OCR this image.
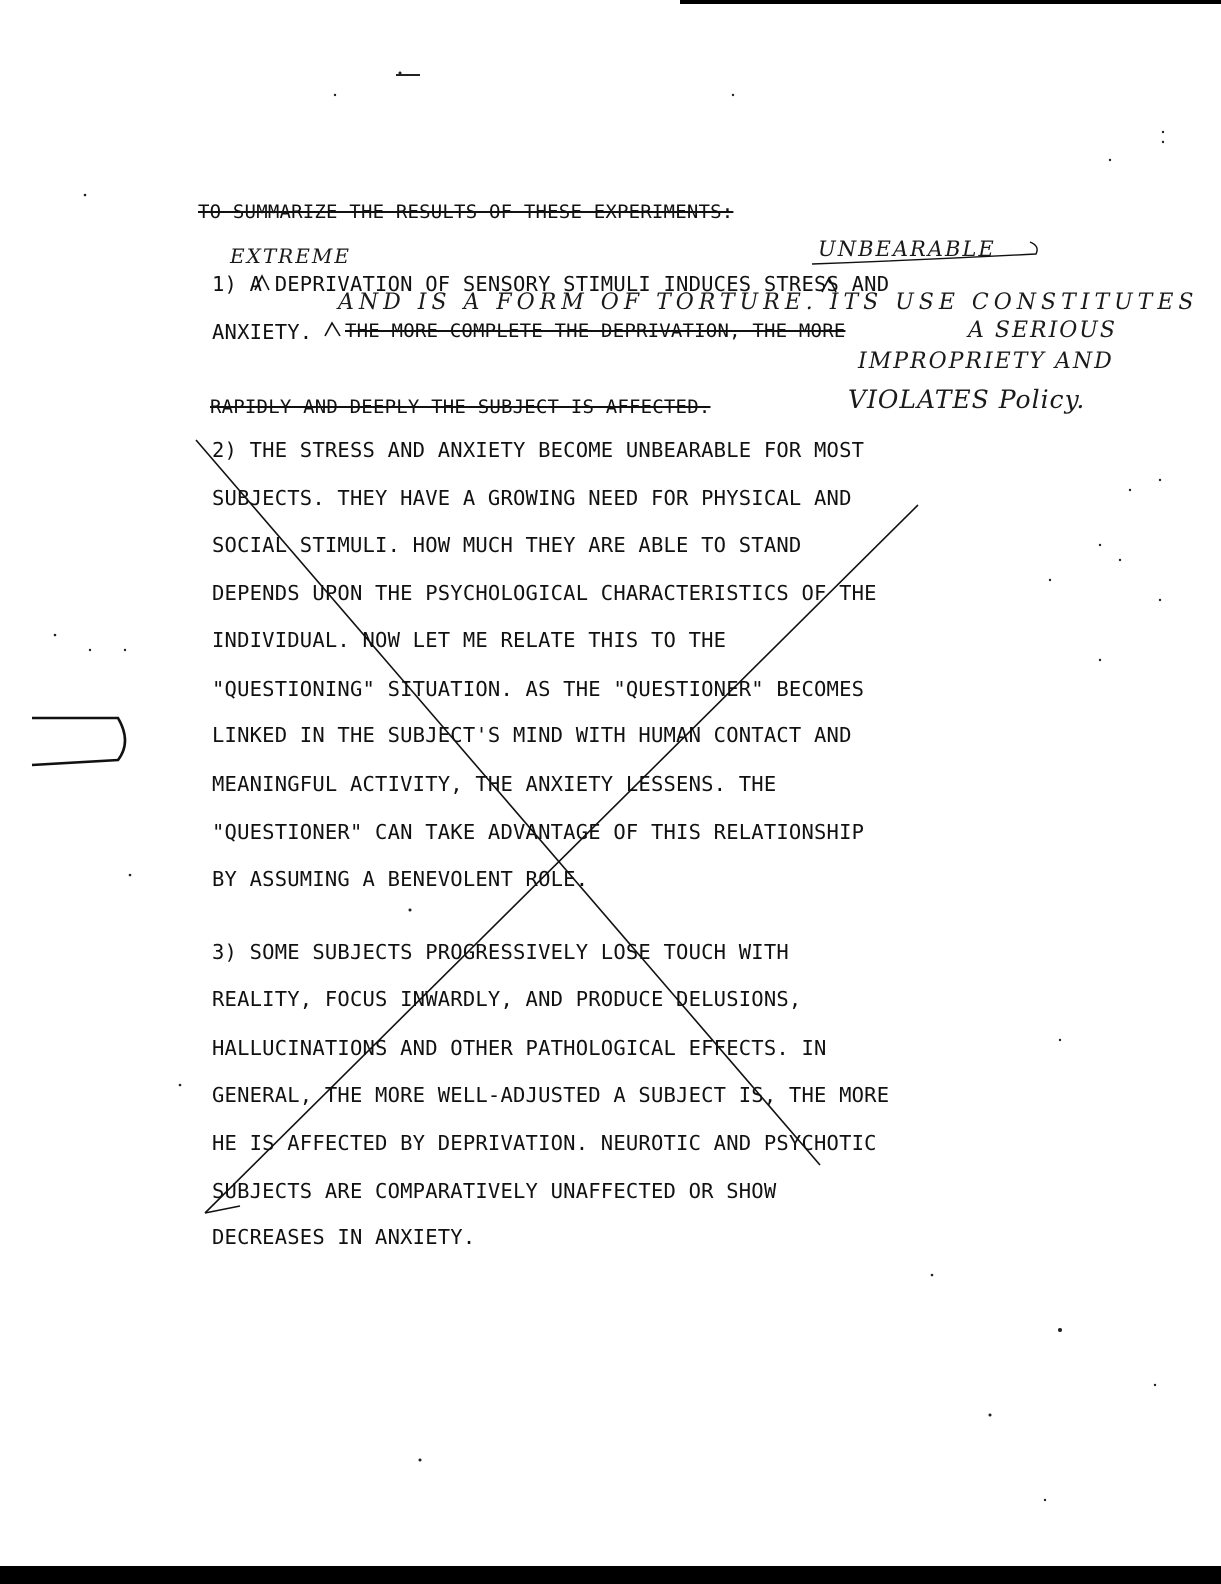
TO SUMMARIZE THE RESULTS OF THESE EXPERIMENTS:
1) A DEPRIVATION OF SENSORY STIMULI INDUCES STRESS AND
ANXIETY. THE MORE COMPLETE THE DEPRIVATION, THE MORE
RAPIDLY AND DEEPLY THE SUBJECT IS AFFECTED.
EXTREME	UNBEARABLE
AND IS A FORM OF TORTURE. ITS USE CONSTITUTES
A SERIOUS
IMPROPRIETY AND
VIOLATES Policy.
2) THE STRESS AND ANXIETY BECOME UNBEARABLE FOR MOST
SUBJECTS. THEY HAVE A GROWING NEED FOR PHYSICAL AND
SOCIAL STIMULI. HOW MUCH THEY ARE ABLE TO STAND
DEPENDS UPON THE PSYCHOLOGICAL CHARACTERISTICS OF THE
INDIVIDUAL. NOW LET ME RELATE THIS TO THE
"QUESTIONING" SITUATION. AS THE "QUESTIONER" BECOMES
LINKED IN THE SUBJECT'S MIND WITH HUMAN CONTACT AND
MEANINGFUL ACTIVITY, THE ANXIETY LESSENS. THE
"QUESTIONER" CAN TAKE ADVANTAGE OF THIS RELATIONSHIP
BY ASSUMING A BENEVOLENT ROLE.
3) SOME SUBJECTS PROGRESSIVELY LOSE TOUCH WITH
REALITY, FOCUS INWARDLY, AND PRODUCE DELUSIONS,
HALLUCINATIONS AND OTHER PATHOLOGICAL EFFECTS. IN
GENERAL, THE MORE WELL-ADJUSTED A SUBJECT IS, THE MORE
HE IS AFFECTED BY DEPRIVATION. NEUROTIC AND PSYCHOTIC
SUBJECTS ARE COMPARATIVELY UNAFFECTED OR SHOW
DECREASES IN ANXIETY.
